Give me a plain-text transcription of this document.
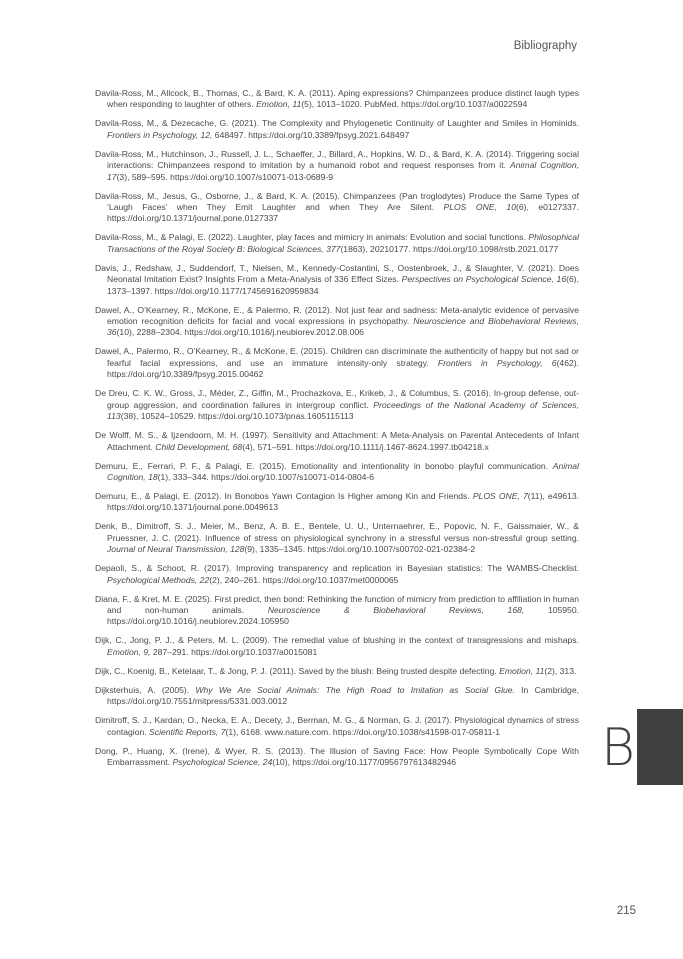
Bibliography
Davila-Ross, M., Allcock, B., Thomas, C., & Bard, K. A. (2011). Aping expressions? Chimpanzees produce distinct laugh types when responding to laughter of others. Emotion, 11(5), 1013–1020. PubMed. https://doi.org/10.1037/a0022594
Davila-Ross, M., & Dezecache, G. (2021). The Complexity and Phylogenetic Continuity of Laughter and Smiles in Hominids. Frontiers in Psychology, 12, 648497. https://doi.org/10.3389/fpsyg.2021.648497
Davila-Ross, M., Hutchinson, J., Russell, J. L., Schaeffer, J., Billard, A., Hopkins, W. D., & Bard, K. A. (2014). Triggering social interactions: Chimpanzees respond to imitation by a humanoid robot and request responses from it. Animal Cognition, 17(3), 589–595. https://doi.org/10.1007/s10071-013-0689-9
Davila-Ross, M., Jesus, G., Osborne, J., & Bard, K. A. (2015). Chimpanzees (Pan troglodytes) Produce the Same Types of ‘Laugh Faces’ when They Emit Laughter and when They Are Silent. PLOS ONE, 10(6), e0127337. https://doi.org/10.1371/journal.pone.0127337
Davila-Ross, M., & Palagi, E. (2022). Laughter, play faces and mimicry in animals: Evolution and social functions. Philosophical Transactions of the Royal Society B: Biological Sciences, 377(1863), 20210177. https://doi.org/10.1098/rstb.2021.0177
Davis, J., Redshaw, J., Suddendorf, T., Nielsen, M., Kennedy-Costantini, S., Oostenbroek, J., & Slaughter, V. (2021). Does Neonatal Imitation Exist? Insights From a Meta-Analysis of 336 Effect Sizes. Perspectives on Psychological Science, 16(6), 1373–1397. https://doi.org/10.1177/1745691620959834
Dawel, A., O’Kearney, R., McKone, E., & Palermo, R. (2012). Not just fear and sadness: Meta-analytic evidence of pervasive emotion recognition deficits for facial and vocal expressions in psychopathy. Neuroscience and Biobehavioral Reviews, 36(10), 2288–2304. https://doi.org/10.1016/j.neubiorev.2012.08.006
Dawel, A., Palermo, R., O’Kearney, R., & McKone, E. (2015). Children can discriminate the authenticity of happy but not sad or fearful facial expressions, and use an immature intensity-only strategy. Frontiers in Psychology, 6(462). https://doi.org/10.3389/fpsyg.2015.00462
De Dreu, C. K. W., Gross, J., Méder, Z., Giffin, M., Prochazkova, E., Krikeb, J., & Columbus, S. (2016). In-group defense, out-group aggression, and coordination failures in intergroup conflict. Proceedings of the National Academy of Sciences, 113(38), 10524–10529. https://doi.org/10.1073/pnas.1605115113
De Wolff, M. S., & Ijzendoorn, M. H. (1997). Sensitivity and Attachment: A Meta-Analysis on Parental Antecedents of Infant Attachment. Child Development, 68(4), 571–591. https://doi.org/10.1111/j.1467-8624.1997.tb04218.x
Demuru, E., Ferrari, P. F., & Palagi, E. (2015). Emotionality and intentionality in bonobo playful communication. Animal Cognition, 18(1), 333–344. https://doi.org/10.1007/s10071-014-0804-6
Demuru, E., & Palagi, E. (2012). In Bonobos Yawn Contagion Is Higher among Kin and Friends. PLOS ONE, 7(11), e49613. https://doi.org/10.1371/journal.pone.0049613
Denk, B., Dimitroff, S. J., Meier, M., Benz, A. B. E., Bentele, U. U., Unternaehrer, E., Popovic, N. F., Gaissmaier, W., & Pruessner, J. C. (2021). Influence of stress on physiological synchrony in a stressful versus non-stressful group setting. Journal of Neural Transmission, 128(9), 1335–1345. https://doi.org/10.1007/s00702-021-02384-2
Depaoli, S., & Schoot, R. (2017). Improving transparency and replication in Bayesian statistics: The WAMBS-Checklist. Psychological Methods, 22(2), 240–261. https://doi.org/10.1037/met0000065
Diana, F., & Kret, M. E. (2025). First predict, then bond: Rethinking the function of mimicry from prediction to affiliation in human and non-human animals. Neuroscience & Biobehavioral Reviews, 168, 105950. https://doi.org/10.1016/j.neubiorev.2024.105950
Dijk, C., Jong, P. J., & Peters, M. L. (2009). The remedial value of blushing in the context of transgressions and mishaps. Emotion, 9, 287–291. https://doi.org/10.1037/a0015081
Dijk, C., Koenig, B., Ketelaar, T., & Jong, P. J. (2011). Saved by the blush: Being trusted despite defecting. Emotion, 11(2), 313.
Dijksterhuis, A. (2005). Why We Are Social Animals: The High Road to Imitation as Social Glue. In Cambridge, https://doi.org/10.7551/mitpress/5331.003.0012
Dimitroff, S. J., Kardan, O., Necka, E. A., Decety, J., Berman, M. G., & Norman, G. J. (2017). Physiological dynamics of stress contagion. Scientific Reports, 7(1), 6168. www.nature.com. https://doi.org/10.1038/s41598-017-05811-1
Dong, P., Huang, X. (Irene), & Wyer, R. S. (2013). The Illusion of Saving Face: How People Symbolically Cope With Embarrassment. Psychological Science, 24(10), https://doi.org/10.1177/0956797613482946	B
215
